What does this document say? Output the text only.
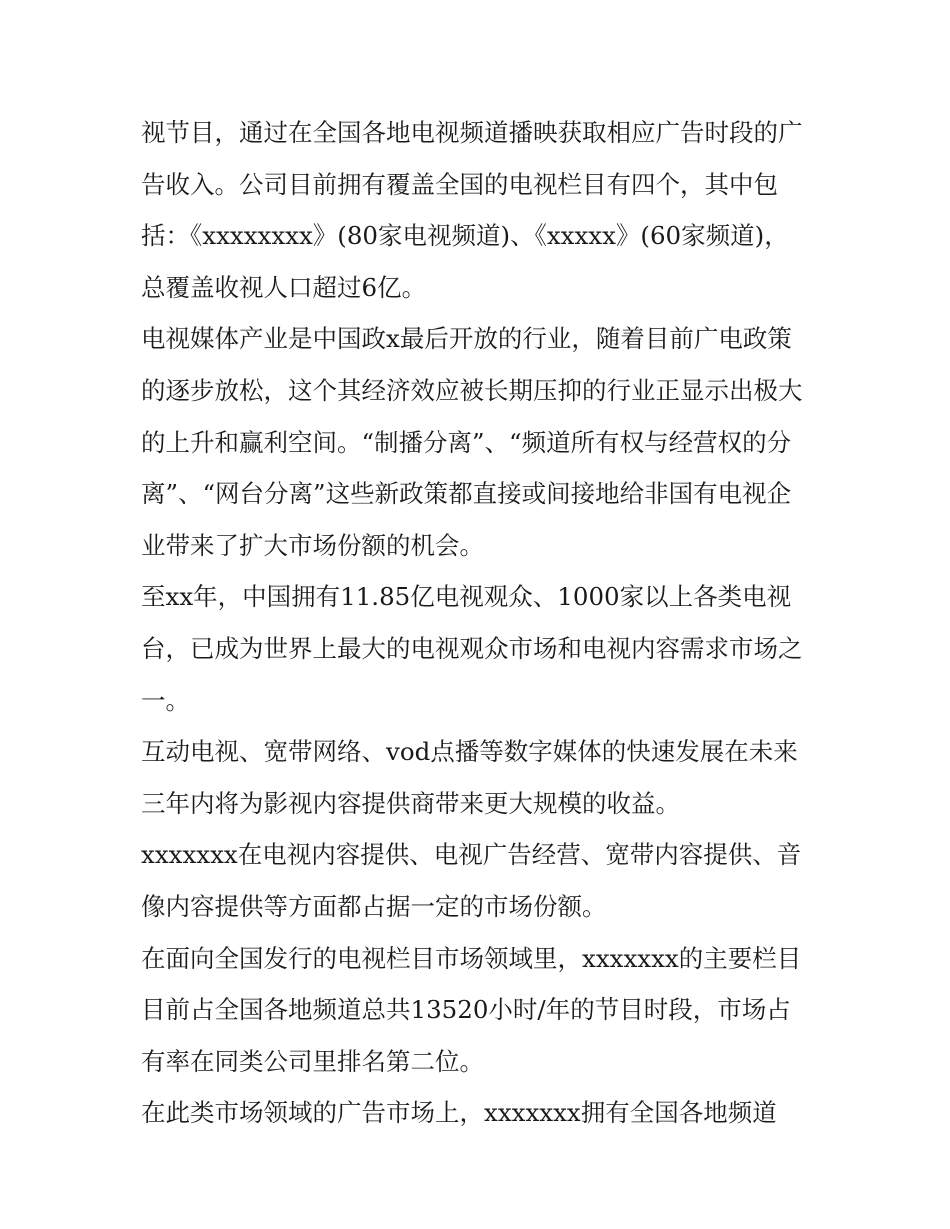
视节目，通过在全国各地电视频道播映获取相应广告时段的广
告收入。公司目前拥有覆盖全国的电视栏目有四个，其中包
括：《xxxxxxxx》(80家电视频道)、《xxxxx》(60家频道)，
总覆盖收视人口超过6亿。
电视媒体产业是中国政x最后开放的行业，随着目前广电政策
的逐步放松，这个其经济效应被长期压抑的行业正显示出极大
的上升和赢利空间。“制播分离”、“频道所有权与经营权的分
离”、“网台分离”这些新政策都直接或间接地给非国有电视企
业带来了扩大市场份额的机会。
至xx年，中国拥有11.85亿电视观众、1000家以上各类电视
台，已成为世界上最大的电视观众市场和电视内容需求市场之
一。
互动电视、宽带网络、vod点播等数字媒体的快速发展在未来
三年内将为影视内容提供商带来更大规模的收益。
xxxxxxx在电视内容提供、电视广告经营、宽带内容提供、音
像内容提供等方面都占据一定的市场份额。
在面向全国发行的电视栏目市场领域里，xxxxxxx的主要栏目
目前占全国各地频道总共13520小时/年的节目时段，市场占
有率在同类公司里排名第二位。
在此类市场领域的广告市场上，xxxxxxx拥有全国各地频道
